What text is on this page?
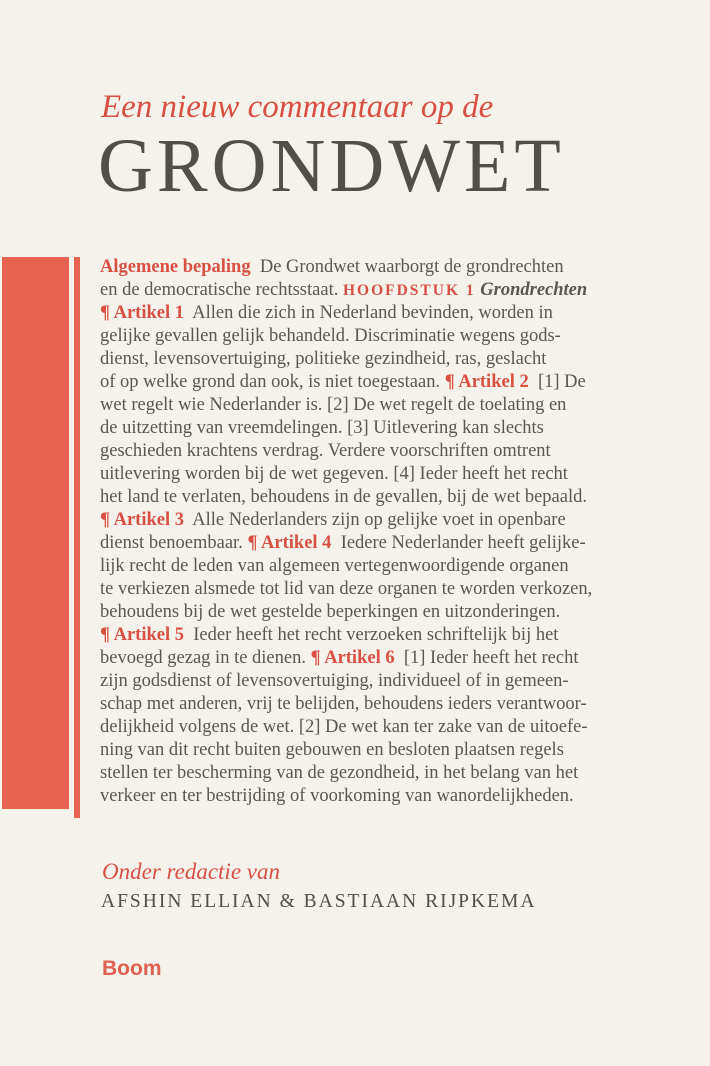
Een nieuw commentaar op de
GRONDWET
Algemene bepaling  De Grondwet waarborgt de grondrechten
en de democratische rechtsstaat. HOOFDSTUK 1 Grondrechten
¶ Artikel 1  Allen die zich in Nederland bevinden, worden in
gelijke gevallen gelijk behandeld. Discriminatie wegens gods-
dienst, levensovertuiging, politieke gezindheid, ras, geslacht
of op welke grond dan ook, is niet toegestaan. ¶ Artikel 2  [1] De
wet regelt wie Nederlander is. [2] De wet regelt de toelating en
de uitzetting van vreemdelingen. [3] Uitlevering kan slechts
geschieden krachtens verdrag. Verdere voorschriften omtrent
uitlevering worden bij de wet gegeven. [4] Ieder heeft het recht
het land te verlaten, behoudens in de gevallen, bij de wet bepaald.
¶ Artikel 3  Alle Nederlanders zijn op gelijke voet in openbare
dienst benoembaar. ¶ Artikel 4  Iedere Nederlander heeft gelijke-
lijk recht de leden van algemeen vertegenwoordigende organen
te verkiezen alsmede tot lid van deze organen te worden verkozen,
behoudens bij de wet gestelde beperkingen en uitzonderingen.
¶ Artikel 5  Ieder heeft het recht verzoeken schriftelijk bij het
bevoegd gezag in te dienen. ¶ Artikel 6  [1] Ieder heeft het recht
zijn godsdienst of levensovertuiging, individueel of in gemeen-
schap met anderen, vrij te belijden, behoudens ieders verantwoor-
delijkheid volgens de wet. [2] De wet kan ter zake van de uitoefe-
ning van dit recht buiten gebouwen en besloten plaatsen regels
stellen ter bescherming van de gezondheid, in het belang van het
verkeer en ter bestrijding of voorkoming van wanordelijkheden.
Onder redactie van
AFSHIN ELLIAN & BASTIAAN RIJPKEMA
Boom
